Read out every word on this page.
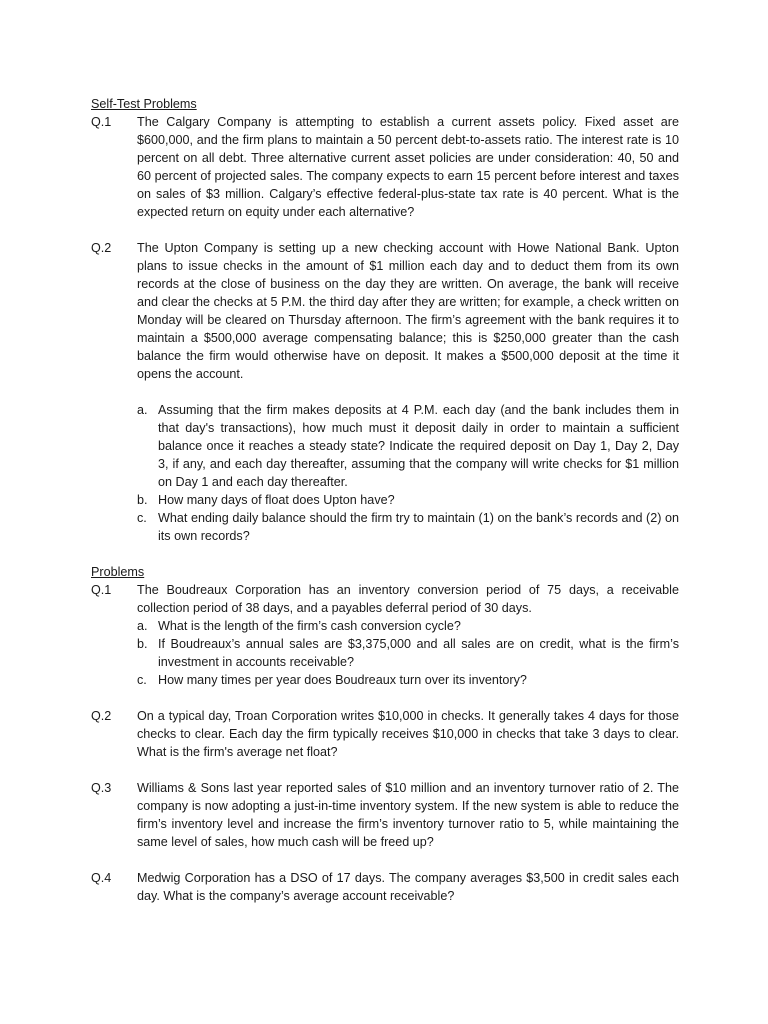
Self-Test Problems

Q.1	The Calgary Company is attempting to establish a current assets policy. Fixed asset are $600,000, and the firm plans to maintain a 50 percent debt-to-assets ratio. The interest rate is 10 percent on all debt. Three alternative current asset policies are under consideration: 40, 50 and 60 percent of projected sales. The company expects to earn 15 percent before interest and taxes on sales of $3 million. Calgary’s effective federal-plus-state tax rate is 40 percent. What is the expected return on equity under each alternative?

Q.2	The Upton Company is setting up a new checking account with Howe National Bank. Upton plans to issue checks in the amount of $1 million each day and to deduct them from its own records at the close of business on the day they are written. On average, the bank will receive and clear the checks at 5 P.M. the third day after they are written; for example, a check written on Monday will be cleared on Thursday afternoon. The firm’s agreement with the bank requires it to maintain a $500,000 average compensating balance; this is $250,000 greater than the cash balance the firm would otherwise have on deposit. It makes a $500,000 deposit at the time it opens the account.

a. Assuming that the firm makes deposits at 4 P.M. each day (and the bank includes them in that day's transactions), how much must it deposit daily in order to maintain a sufficient balance once it reaches a steady state? Indicate the required deposit on Day 1, Day 2, Day 3, if any, and each day thereafter, assuming that the company will write checks for $1 million on Day 1 and each day thereafter.
b. How many days of float does Upton have?
c. What ending daily balance should the firm try to maintain (1) on the bank’s records and (2) on its own records?

Problems

Q.1	The Boudreaux Corporation has an inventory conversion period of 75 days, a receivable collection period of 38 days, and a payables deferral period of 30 days.

a. What is the length of the firm’s cash conversion cycle?
b. If Boudreaux’s annual sales are $3,375,000 and all sales are on credit, what is the firm’s investment in accounts receivable?
c. How many times per year does Boudreaux turn over its inventory?
Q.2	On a typical day, Troan Corporation writes $10,000 in checks. It generally takes 4 days for those checks to clear. Each day the firm typically receives $10,000 in checks that take 3 days to clear. What is the firm's average net float?

Q.3	Williams & Sons last year reported sales of $10 million and an inventory turnover ratio of 2. The company is now adopting a just-in-time inventory system. If the new system is able to reduce the firm’s inventory level and increase the firm’s inventory turnover ratio to 5, while maintaining the same level of sales, how much cash will be freed up?

Q.4	Medwig Corporation has a DSO of 17 days. The company averages $3,500 in credit sales each day. What is the company’s average account receivable?
